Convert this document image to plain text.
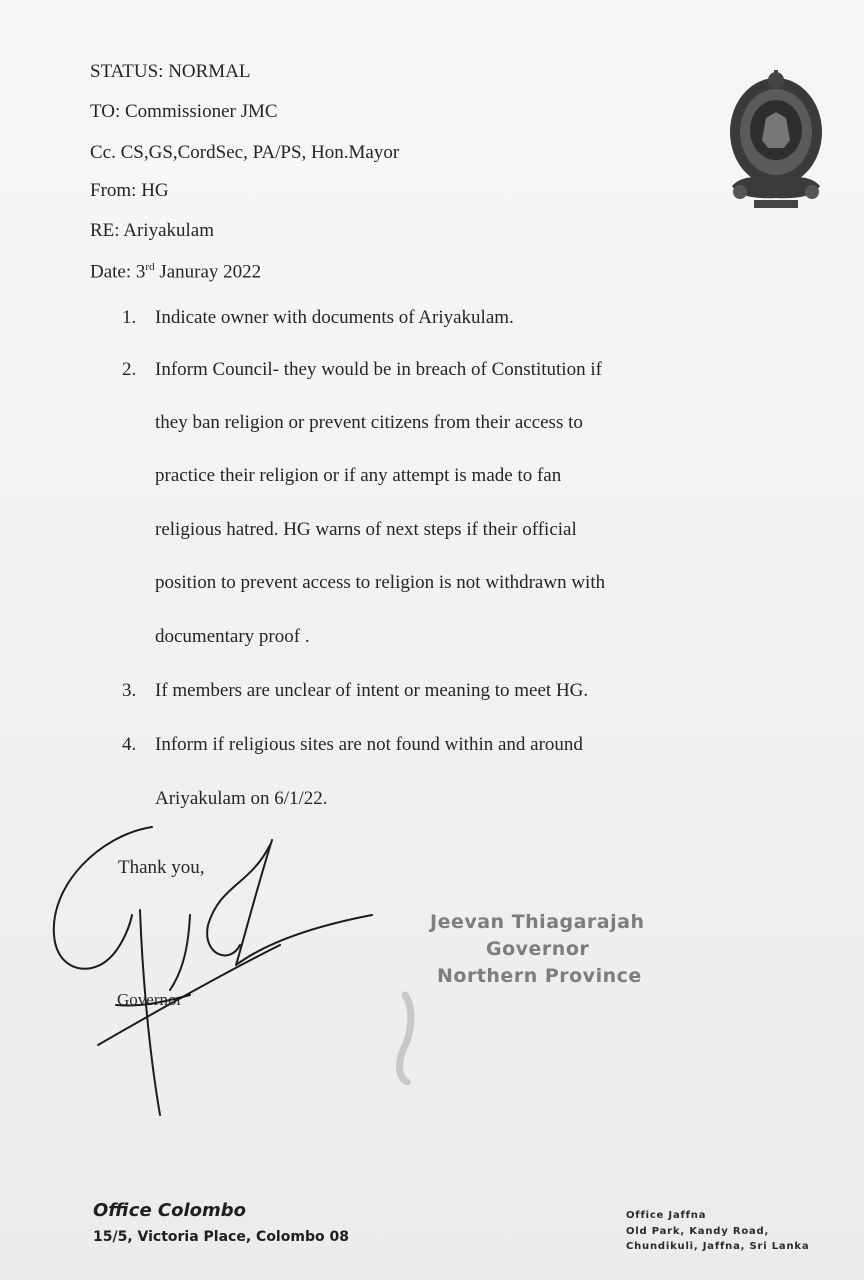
STATUS: NORMAL
TO: Commissioner JMC
Cc. CS,GS,CordSec, PA/PS, Hon.Mayor
From: HG
RE: Ariyakulam
Date: 3rd Januray 2022
1. Indicate owner with documents of Ariyakulam.
2. Inform Council- they would be in breach of Constitution if
they ban religion or prevent citizens from their access to
practice their religion or if any attempt is made to fan
religious hatred. HG warns of next steps if their official
position to prevent access to religion is not withdrawn with
documentary proof .
3. If members are unclear of intent or meaning to meet HG.
4. Inform if religious sites are not found within and around
Ariyakulam on 6/1/22.
Thank you,
Governor
Jeevan Thiagarajah
Governor
Northern Province
Office Colombo
15/5, Victoria Place, Colombo 08
Office Jaffna
Old Park, Kandy Road,
Chundikuli, Jaffna, Sri Lanka
